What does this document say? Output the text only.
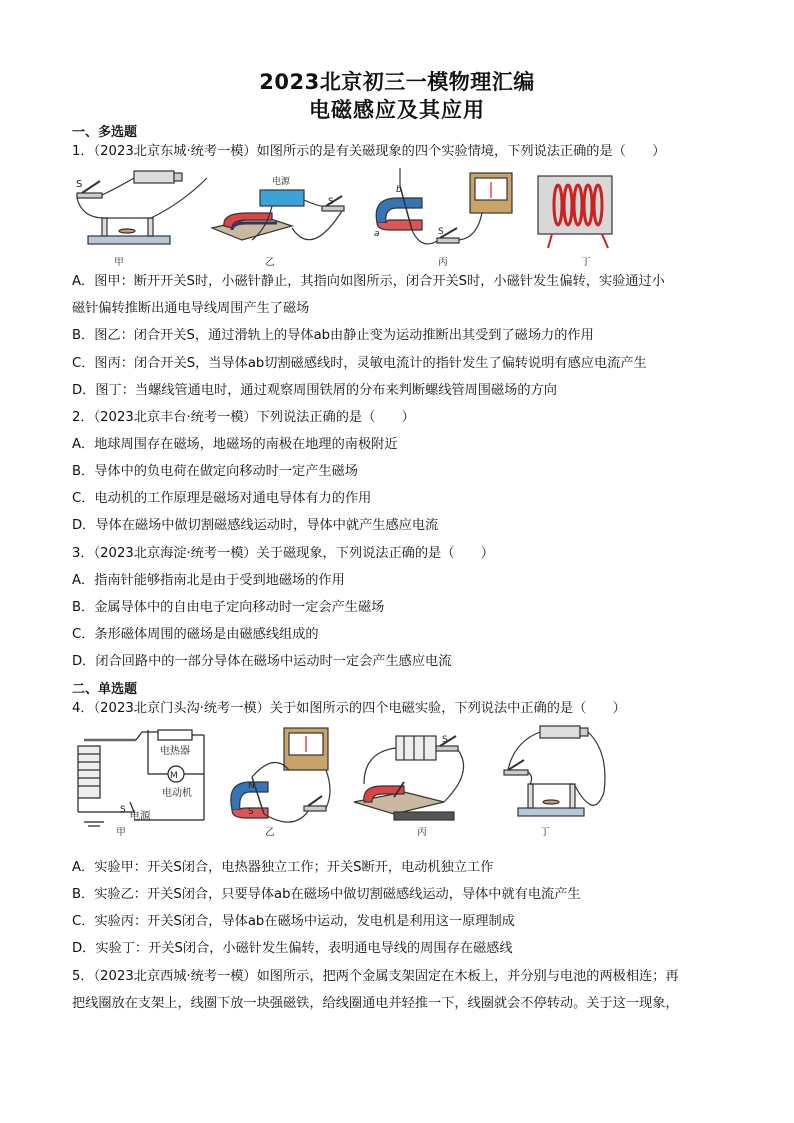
2023北京初三一模物理汇编
电磁感应及其应用
一、多选题
1．（2023北京东城·统考一模）如图所示的是有关磁现象的四个实验情境，下列说法正确的是（　　）
S	电源
S
b
a	S
甲	乙	丙	丁
A．图甲：断开开关S时，小磁针静止，其指向如图所示，闭合开关S时，小磁针发生偏转，实验通过小
磁针偏转推断出通电导线周围产生了磁场
B．图乙：闭合开关S，通过滑轨上的导体ab由静止变为运动推断出其受到了磁场力的作用
C．图丙：闭合开关S，当导体ab切割磁感线时，灵敏电流计的指针发生了偏转说明有感应电流产生
D．图丁：当螺线管通电时，通过观察周围铁屑的分布来判断螺线管周围磁场的方向
2．（2023北京丰台·统考一模）下列说法正确的是（　　）
A．地球周围存在磁场，地磁场的南极在地理的南极附近
B．导体中的负电荷在做定向移动时一定产生磁场
C．电动机的工作原理是磁场对通电导体有力的作用
D．导体在磁场中做切割磁感线运动时，导体中就产生感应电流
3．（2023北京海淀·统考一模）关于磁现象，下列说法正确的是（　　）
A．指南针能够指南北是由于受到地磁场的作用
B．金属导体中的自由电子定向移动时一定会产生磁场
C．条形磁体周围的磁场是由磁感线组成的
D．闭合回路中的一部分导体在磁场中运动时一定会产生感应电流
二、单选题
4．（2023北京门头沟·统考一模）关于如图所示的四个电磁实验，下列说法中正确的是（　　）
M
电热器
电动机
S
N
S
S
电源
甲	乙	丙	丁
A．实验甲：开关S闭合，电热器独立工作；开关S断开，电动机独立工作
B．实验乙：开关S闭合，只要导体ab在磁场中做切割磁感线运动，导体中就有电流产生
C．实验丙：开关S闭合，导体ab在磁场中运动，发电机是利用这一原理制成
D．实验丁：开关S闭合，小磁针发生偏转，表明通电导线的周围存在磁感线
5．（2023北京西城·统考一模）如图所示，把两个金属支架固定在木板上，并分别与电池的两极相连；再
把线圈放在支架上，线圈下放一块强磁铁，给线圈通电并轻推一下，线圈就会不停转动。关于这一现象，
